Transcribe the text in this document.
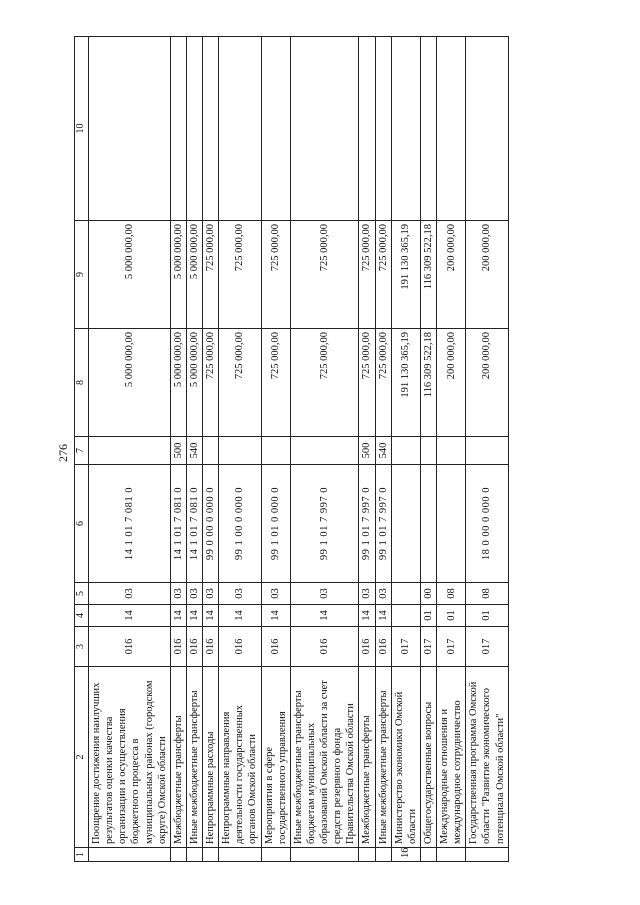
276
1	2	3	4	5	6	7	8	9	10
	Поощрение достижения наилучших результатов оценки качества организации и осуществления бюджетного процесса в муниципальных районах (городском округе) Омской области	016	14	03	14 1 01 7 081 0		5 000 000,00	5 000 000,00	
	Межбюджетные трансферты	016	14	03	14 1 01 7 081 0	500	5 000 000,00	5 000 000,00	
	Иные межбюджетные трансферты	016	14	03	14 1 01 7 081 0	540	5 000 000,00	5 000 000,00	
	Непрограммные расходы	016	14	03	99 0 00 0 000 0		725 000,00	725 000,00	
	Непрограммные направления деятельности государственных органов Омской области	016	14	03	99 1 00 0 000 0		725 000,00	725 000,00	
	Мероприятия в сфере государственного управления	016	14	03	99 1 01 0 000 0		725 000,00	725 000,00	
	Иные межбюджетные трансферты бюджетам муниципальных образований Омской области за счет средств резервного фонда Правительства Омской области	016	14	03	99 1 01 7 997 0		725 000,00	725 000,00	
	Межбюджетные трансферты	016	14	03	99 1 01 7 997 0	500	725 000,00	725 000,00	
	Иные межбюджетные трансферты	016	14	03	99 1 01 7 997 0	540	725 000,00	725 000,00	
16	Министерство экономики Омской области	017					191 130 365,19	191 130 365,19	
	Общегосударственные вопросы	017	01	00			116 309 522,18	116 309 522,18	
	Международные отношения и международное сотрудничество	017	01	08			200 000,00	200 000,00	
	Государственная программа Омской области "Развитие экономического потенциала Омской области"	017	01	08	18 0 00 0 000 0		200 000,00	200 000,00	
